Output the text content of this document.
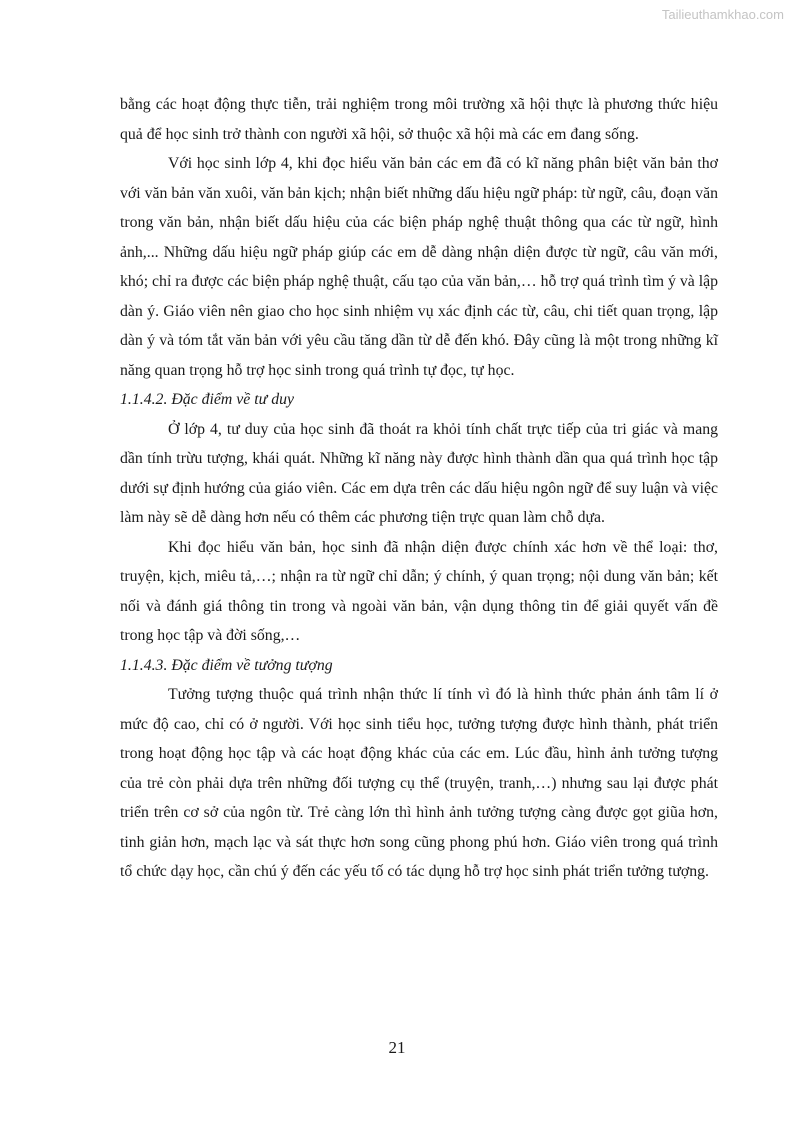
Tailieuthamkhao.com

bằng các hoạt động thực tiễn, trải nghiệm trong môi trường xã hội thực là phương thức hiệu quả để học sinh trở thành con người xã hội, sở thuộc xã hội mà các em đang sống.

Với học sinh lớp 4, khi đọc hiểu văn bản các em đã có kĩ năng phân biệt văn bản thơ với văn bản văn xuôi, văn bản kịch; nhận biết những dấu hiệu ngữ pháp: từ ngữ, câu, đoạn văn trong văn bản, nhận biết dấu hiệu của các biện pháp nghệ thuật thông qua các từ ngữ, hình ảnh,... Những dấu hiệu ngữ pháp giúp các em dễ dàng nhận diện được từ ngữ, câu văn mới, khó; chỉ ra được các biện pháp nghệ thuật, cấu tạo của văn bản,… hỗ trợ quá trình tìm ý và lập dàn ý. Giáo viên nên giao cho học sinh nhiệm vụ xác định các từ, câu, chi tiết quan trọng, lập dàn ý và tóm tắt văn bản với yêu cầu tăng dần từ dễ đến khó. Đây cũng là một trong những kĩ năng quan trọng hỗ trợ học sinh trong quá trình tự đọc, tự học.

1.1.4.2. Đặc điểm về tư duy

Ở lớp 4, tư duy của học sinh đã thoát ra khỏi tính chất trực tiếp của tri giác và mang dần tính trừu tượng, khái quát. Những kĩ năng này được hình thành dần qua quá trình học tập dưới sự định hướng của giáo viên. Các em dựa trên các dấu hiệu ngôn ngữ để suy luận và việc làm này sẽ dễ dàng hơn nếu có thêm các phương tiện trực quan làm chỗ dựa.

Khi đọc hiểu văn bản, học sinh đã nhận diện được chính xác hơn về thể loại: thơ, truyện, kịch, miêu tả,…; nhận ra từ ngữ chỉ dẫn; ý chính, ý quan trọng; nội dung văn bản; kết nối và đánh giá thông tin trong và ngoài văn bản, vận dụng thông tin để giải quyết vấn đề trong học tập và đời sống,…

1.1.4.3. Đặc điểm về tưởng tượng

Tưởng tượng thuộc quá trình nhận thức lí tính vì đó là hình thức phản ánh tâm lí ở mức độ cao, chỉ có ở người. Với học sinh tiểu học, tưởng tượng được hình thành, phát triển trong hoạt động học tập và các hoạt động khác của các em. Lúc đầu, hình ảnh tưởng tượng của trẻ còn phải dựa trên những đối tượng cụ thể (truyện, tranh,…) nhưng sau lại được phát triển trên cơ sở của ngôn từ. Trẻ càng lớn thì hình ảnh tưởng tượng càng được gọt giũa hơn, tinh giản hơn, mạch lạc và sát thực hơn song cũng phong phú hơn. Giáo viên trong quá trình tổ chức dạy học, cần chú ý đến các yếu tố có tác dụng hỗ trợ học sinh phát triển tưởng tượng.

21
